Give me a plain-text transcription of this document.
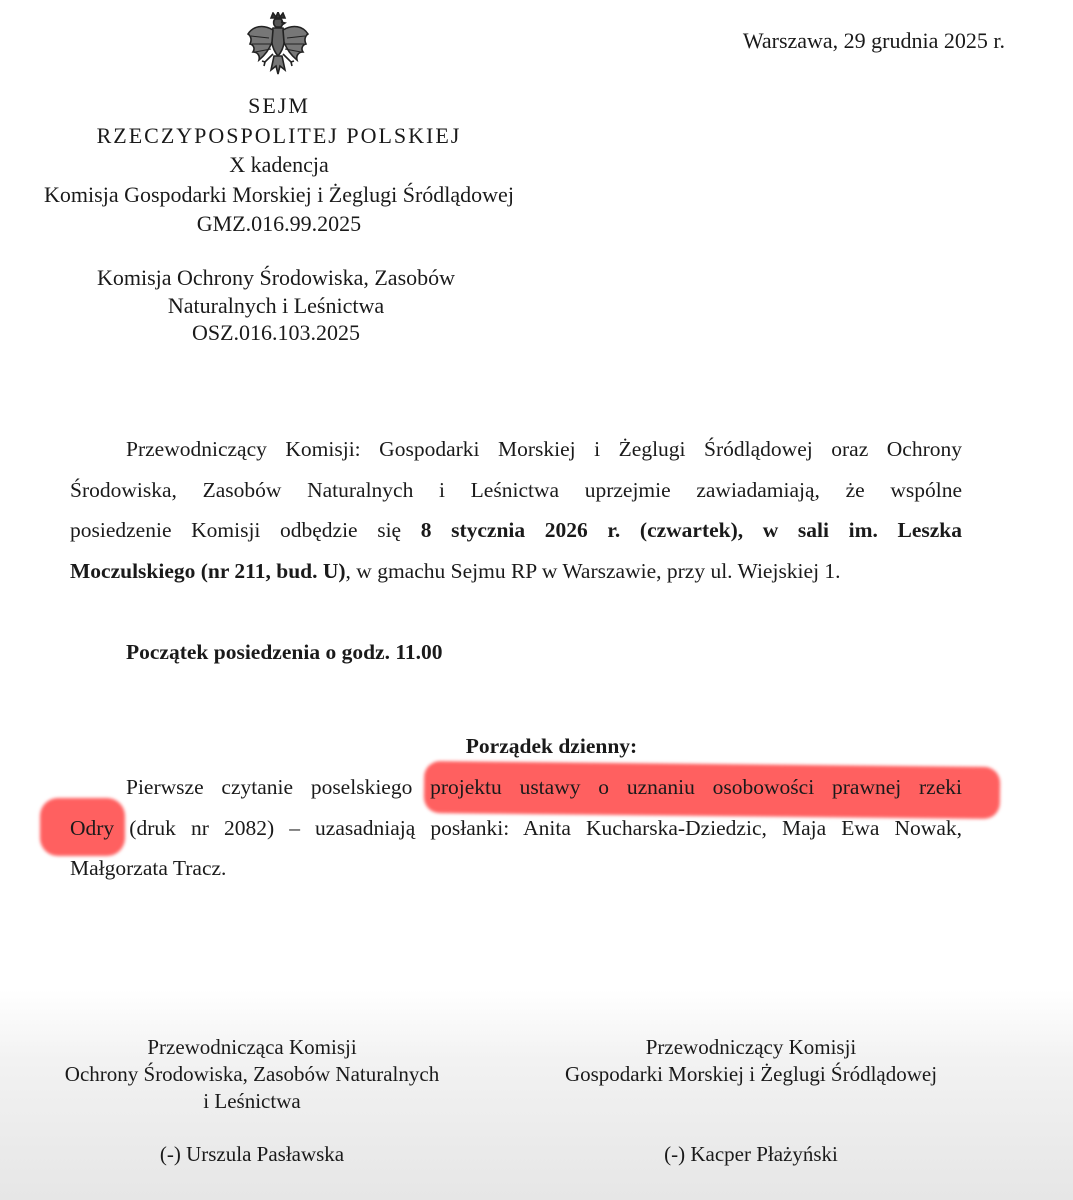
Warszawa, 29 grudnia 2025 r.
SEJM
RZECZYPOSPOLITEJ POLSKIEJ
X kadencja
Komisja Gospodarki Morskiej i Żeglugi Śródlądowej
GMZ.016.99.2025
Komisja Ochrony Środowiska, Zasobów
Naturalnych i Leśnictwa
OSZ.016.103.2025
Przewodniczący Komisji: Gospodarki Morskiej i Żeglugi Śródlądowej oraz Ochrony
Środowiska, Zasobów Naturalnych i Leśnictwa uprzejmie zawiadamiają, że wspólne
posiedzenie Komisji odbędzie się 8 stycznia 2026 r. (czwartek), w sali im. Leszka
Moczulskiego (nr 211, bud. U), w gmachu Sejmu RP w Warszawie, przy ul. Wiejskiej 1.
Początek posiedzenia o godz. 11.00
Porządek dzienny:
Pierwsze czytanie poselskiego projektu ustawy o uznaniu osobowości prawnej rzeki
Odry (druk nr 2082) – uzasadniają posłanki: Anita Kucharska-Dziedzic, Maja Ewa Nowak,
Małgorzata Tracz.
Przewodnicząca Komisji
Ochrony Środowiska, Zasobów Naturalnych
i Leśnictwa
Przewodniczący Komisji
Gospodarki Morskiej i Żeglugi Śródlądowej
(-) Urszula Pasławska	(-) Kacper Płażyński
